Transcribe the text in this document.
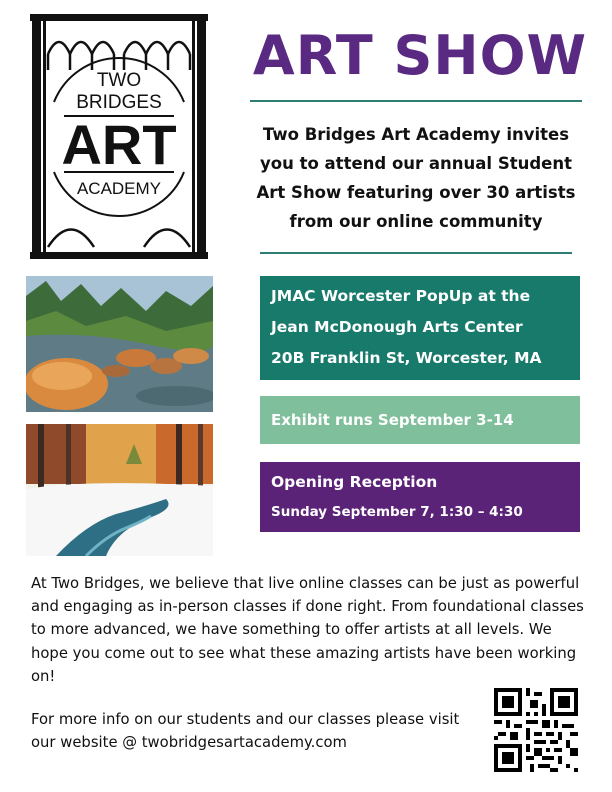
TWO
BRIDGES
ART
ACADEMY
ART SHOW
Two Bridges Art Academy invites you to attend our annual Student Art Show featuring over 30 artists from our online community
JMAC Worcester PopUp at the
Jean McDonough Arts Center
20B Franklin St, Worcester, MA
Exhibit runs September 3-14
Opening Reception
Sunday September 7, 1:30 – 4:30
At Two Bridges, we believe that live online classes can be just as powerful and engaging as in-person classes if done right. From foundational classes to more advanced, we have something to offer artists at all levels. We hope you come out to see what these amazing artists have been working on!
For more info on our students and our classes please visit our website @ twobridgesartacademy.com
